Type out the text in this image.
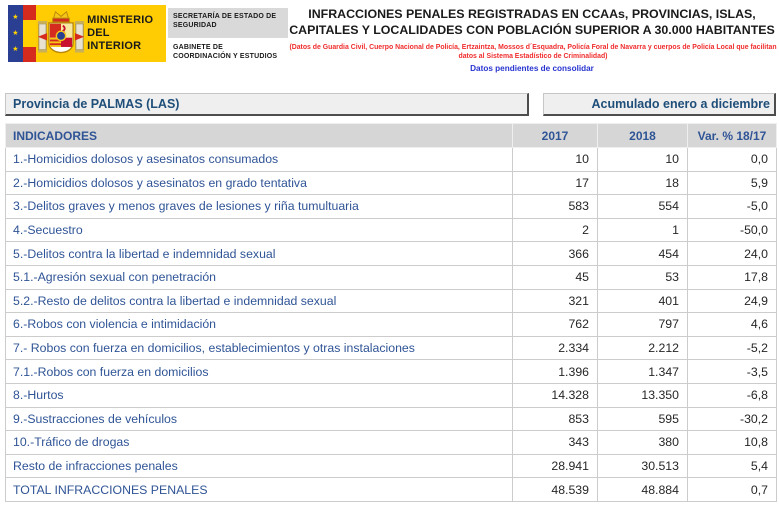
★
★
★
MINISTERIO
DEL INTERIOR
SECRETARÍA DE ESTADO DE SEGURIDAD
GABINETE DE COORDINACIÓN Y ESTUDIOS
INFRACCIONES PENALES REGISTRADAS EN CCAAs, PROVINCIAS, ISLAS, CAPITALES Y LOCALIDADES CON POBLACIÓN SUPERIOR A 30.000 HABITANTES
(Datos de Guardia Civil, Cuerpo Nacional de Policía, Ertzaintza, Mossos d´Esquadra, Policía Foral de Navarra y cuerpos de Policía Local que facilitan datos al Sistema Estadístico de Criminalidad)
Datos pendientes de consolidar
Provincia de PALMAS (LAS)	Acumulado enero a diciembre
INDICADORES	2017	2018	Var. % 18/17
1.-Homicidios dolosos y asesinatos consumados	10	10	0,0
2.-Homicidios dolosos y asesinatos en grado tentativa	17	18	5,9
3.-Delitos graves y menos graves de lesiones y riña tumultuaria	583	554	-5,0
4.-Secuestro	2	1	-50,0
5.-Delitos contra la libertad e indemnidad sexual	366	454	24,0
5.1.-Agresión sexual con penetración	45	53	17,8
5.2.-Resto de delitos contra la libertad e indemnidad sexual	321	401	24,9
6.-Robos con violencia e intimidación	762	797	4,6
7.- Robos con fuerza en domicilios, establecimientos y otras instalaciones	2.334	2.212	-5,2
7.1.-Robos con fuerza en domicilios	1.396	1.347	-3,5
8.-Hurtos	14.328	13.350	-6,8
9.-Sustracciones de vehículos	853	595	-30,2
10.-Tráfico de drogas	343	380	10,8
Resto de infracciones penales	28.941	30.513	5,4
TOTAL INFRACCIONES PENALES	48.539	48.884	0,7
